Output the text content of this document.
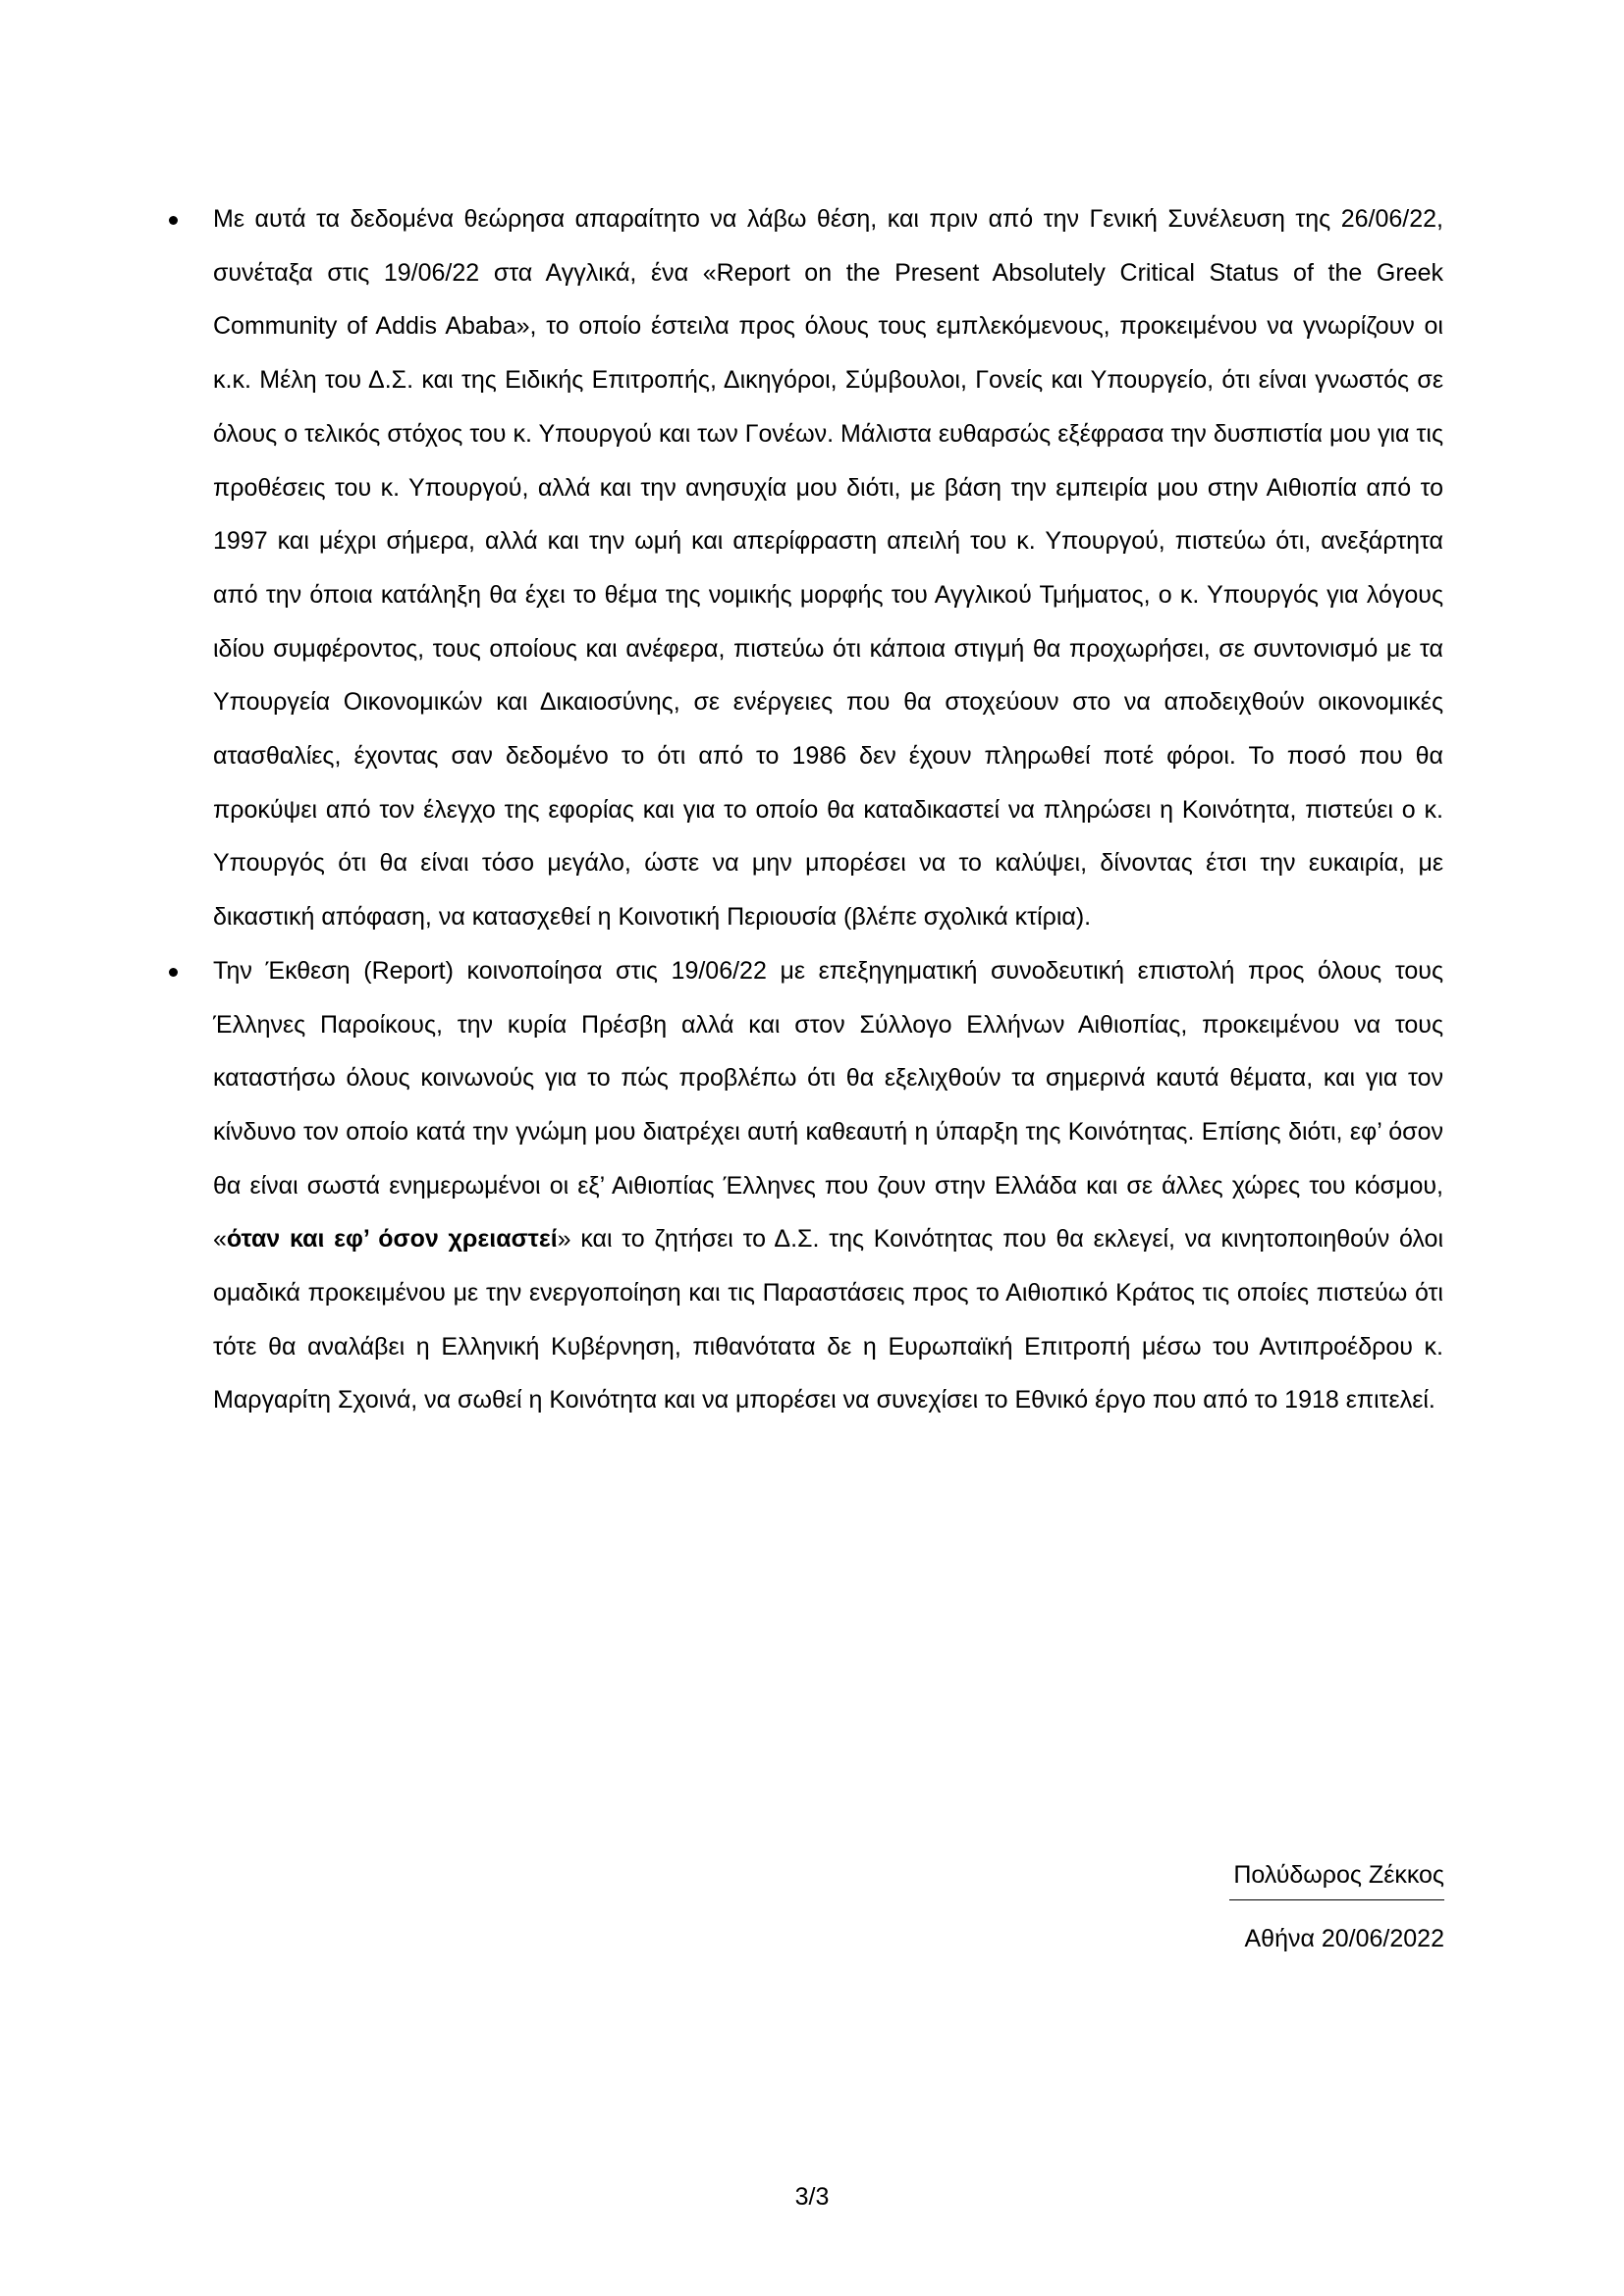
Με αυτά τα δεδομένα θεώρησα απαραίτητο να λάβω θέση, και πριν από την Γενική Συνέλευση της 26/06/22, συνέταξα στις 19/06/22 στα Αγγλικά, ένα «Report on the Present Absolutely Critical Status of the Greek Community of Addis Ababa», το οποίο έστειλα προς όλους τους εμπλεκόμενους, προκειμένου να γνωρίζουν οι κ.κ. Μέλη του Δ.Σ. και της Ειδικής Επιτροπής, Δικηγόροι, Σύμβουλοι, Γονείς και Υπουργείο, ότι είναι γνωστός σε όλους ο τελικός στόχος του κ. Υπουργού και των Γονέων. Μάλιστα ευθαρσώς εξέφρασα την δυσπιστία μου για τις προθέσεις του κ. Υπουργού, αλλά και την ανησυχία μου διότι, με βάση την εμπειρία μου στην Αιθιοπία από το 1997 και μέχρι σήμερα, αλλά και την ωμή και απερίφραστη απειλή του κ. Υπουργού, πιστεύω ότι, ανεξάρτητα από την όποια κατάληξη θα έχει το θέμα της νομικής μορφής του Αγγλικού Τμήματος, ο κ. Υπουργός για λόγους ιδίου συμφέροντος, τους οποίους και ανέφερα, πιστεύω ότι κάποια στιγμή θα προχωρήσει, σε συντονισμό με τα Υπουργεία Οικονομικών και Δικαιοσύνης, σε ενέργειες που θα στοχεύουν στο να αποδειχθούν οικονομικές ατασθαλίες, έχοντας σαν δεδομένο το ότι από το 1986 δεν έχουν πληρωθεί ποτέ φόροι. Το ποσό που θα προκύψει από τον έλεγχο της εφορίας και για το οποίο θα καταδικαστεί να πληρώσει η Κοινότητα, πιστεύει ο κ. Υπουργός ότι θα είναι τόσο μεγάλο, ώστε να μην μπορέσει να το καλύψει, δίνοντας έτσι την ευκαιρία, με δικαστική απόφαση, να κατασχεθεί η Κοινοτική Περιουσία (βλέπε σχολικά κτίρια).
Την Έκθεση (Report) κοινοποίησα στις 19/06/22 με επεξηγηματική συνοδευτική επιστολή προς όλους τους Έλληνες Παροίκους, την κυρία Πρέσβη αλλά και στον Σύλλογο Ελλήνων Αιθιοπίας, προκειμένου να τους καταστήσω όλους κοινωνούς για το πώς προβλέπω ότι θα εξελιχθούν τα σημερινά καυτά θέματα, και για τον κίνδυνο τον οποίο κατά την γνώμη μου διατρέχει αυτή καθεαυτή η ύπαρξη της Κοινότητας. Επίσης διότι, εφ’ όσον θα είναι σωστά ενημερωμένοι οι εξ’ Αιθιοπίας Έλληνες που ζουν στην Ελλάδα και σε άλλες χώρες του κόσμου, «όταν και εφ’ όσον χρειαστεί» και το ζητήσει το Δ.Σ. της Κοινότητας που θα εκλεγεί, να κινητοποιηθούν όλοι ομαδικά προκειμένου με την ενεργοποίηση και τις Παραστάσεις προς το Αιθιοπικό Κράτος τις οποίες πιστεύω ότι τότε θα αναλάβει η Ελληνική Κυβέρνηση, πιθανότατα δε η Ευρωπαϊκή Επιτροπή μέσω του Αντιπροέδρου κ. Μαργαρίτη Σχοινά, να σωθεί η Κοινότητα και να μπορέσει να συνεχίσει το Εθνικό έργο που από το 1918 επιτελεί.
Πολύδωρος Ζέκκος
Αθήνα 20/06/2022
3/3
